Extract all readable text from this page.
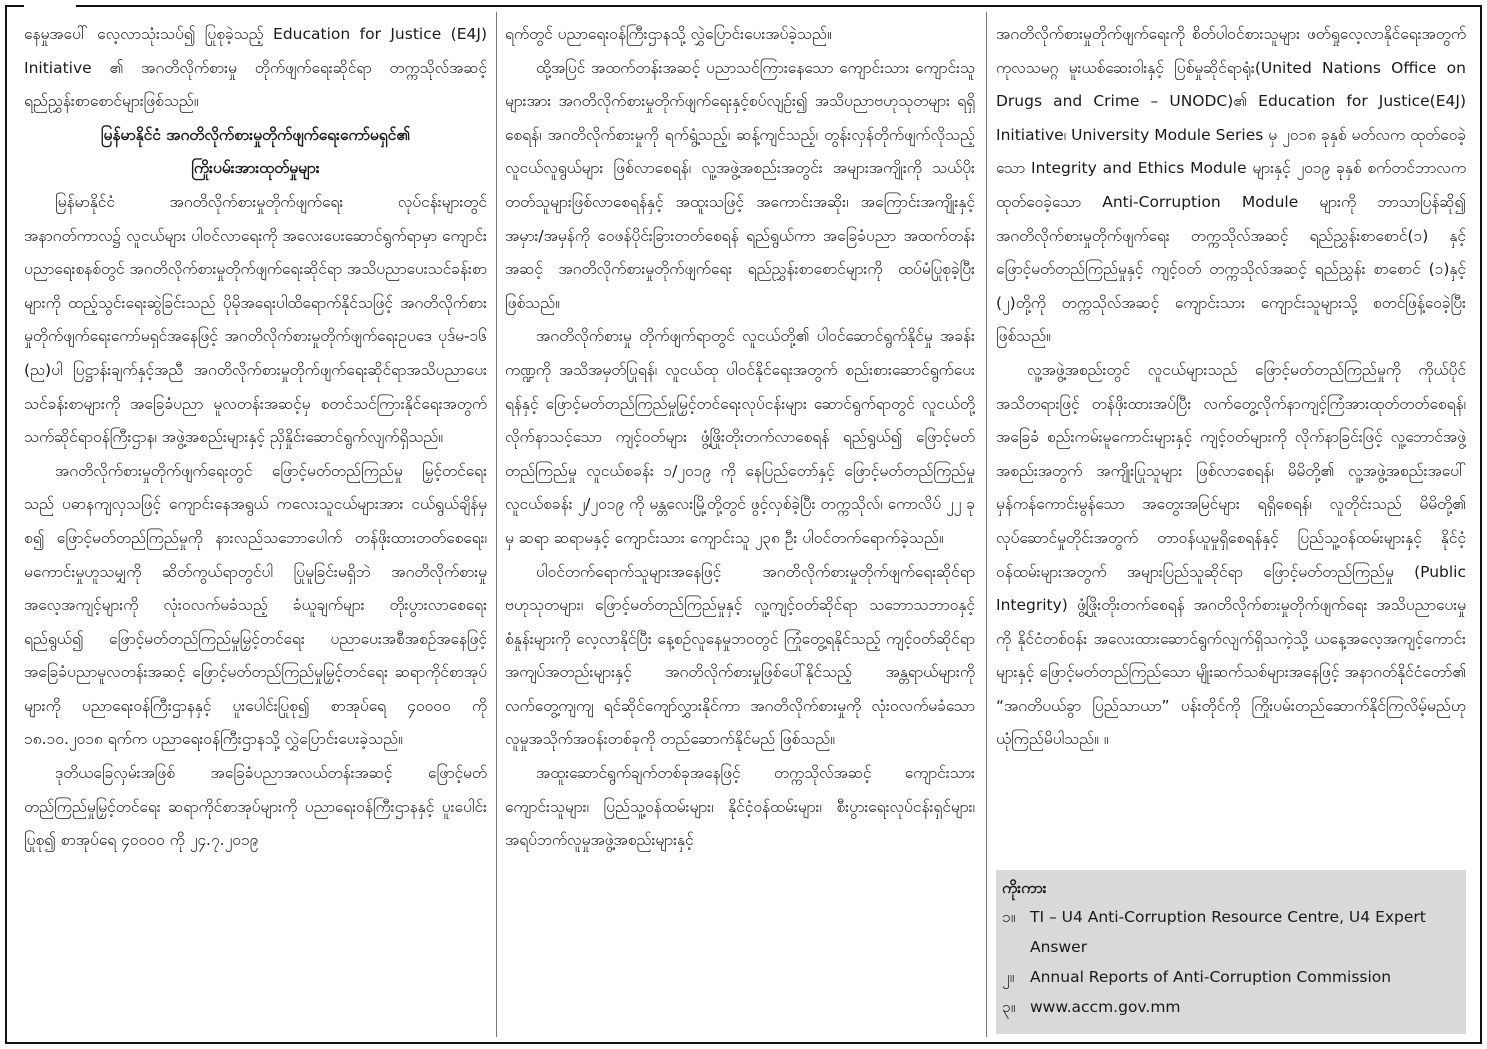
နေမှုအပေါ် လေ့လာသုံးသပ်၍ ပြုစုခဲ့သည့် Education for Justice (E4J) Initiative ၏ အဂတိလိုက်စားမှု တိုက်ဖျက်ရေးဆိုင်ရာ တက္ကသိုလ်အဆင့် ရည်ညွှန်းစာစောင်များဖြစ်သည်။

မြန်မာနိုင်ငံ အဂတိလိုက်စားမှုတိုက်ဖျက်ရေးကော်မရှင်၏
ကြိုးပမ်းအားထုတ်မှုများ

မြန်မာနိုင်ငံ အဂတိလိုက်စားမှုတိုက်ဖျက်ရေး လုပ်ငန်းများတွင် အနာဂတ်ကာလ၌ လူငယ်များ ပါဝင်လာရေးကို အလေးပေးဆောင်ရွက်ရာမှာ ကျောင်းပညာရေးစနစ်တွင် အဂတိလိုက်စားမှုတိုက်ဖျက်ရေးဆိုင်ရာ အသိပညာပေးသင်ခန်းစာများကို ထည့်သွင်းရေးဆွဲခြင်းသည် ပိုမိုအရေးပါထိရောက်နိုင်သဖြင့် အဂတိလိုက်စားမှုတိုက်ဖျက်ရေးကော်မရှင်အနေဖြင့် အဂတိလိုက်စားမှုတိုက်ဖျက်ရေးဥပဒေ ပုဒ်မ-၁၆ (ည)ပါ ပြဋ္ဌာန်းချက်နှင့်အညီ အဂတိလိုက်စားမှုတိုက်ဖျက်ရေးဆိုင်ရာအသိပညာပေး သင်ခန်းစာများကို အခြေခံပညာ မူလတန်းအဆင့်မှ စတင်သင်ကြားနိုင်ရေးအတွက် သက်ဆိုင်ရာဝန်ကြီးဌာန၊ အဖွဲ့အစည်းများနှင့် ညှိနှိုင်းဆောင်ရွက်လျက်ရှိသည်။

အဂတိလိုက်စားမှုတိုက်ဖျက်ရေးတွင် ဖြောင့်မတ်တည်ကြည်မှု မြှင့်တင်ရေးသည် ပဓာနကျလှသဖြင့် ကျောင်းနေအရွယ် ကလေးသူငယ်များအား ငယ်ရွယ်ချိန်မှစ၍ ဖြောင့်မတ်တည်ကြည်မှုကို နားလည်သဘောပေါက် တန်ဖိုးထားတတ်စေရေး၊ မကောင်းမှုဟူသမျှကို ဆိတ်ကွယ်ရာတွင်ပါ ပြုမူခြင်းမရှိဘဲ အဂတိလိုက်စားမှုအလေ့အကျင့်များကို လုံးဝလက်မခံသည့် ခံယူချက်များ တိုးပွားလာစေရေး ရည်ရွယ်၍ ဖြောင့်မတ်တည်ကြည်မှုမြှင့်တင်ရေး ပညာပေးအစီအစဉ်အနေဖြင့် အခြေခံပညာမူလတန်းအဆင့် ဖြောင့်မတ်တည်ကြည်မှုမြှင့်တင်ရေး ဆရာကိုင်စာအုပ်များကို ပညာရေးဝန်ကြီးဌာနနှင့် ပူးပေါင်းပြုစု၍ စာအုပ်ရေ ၄၀၀၀၀ ကို ၁၈.၁၀.၂၀၁၈ ရက်က ပညာရေးဝန်ကြီးဌာနသို့ လွှဲပြောင်းပေးခဲ့သည်။

ဒုတိယခြေလှမ်းအဖြစ် အခြေခံပညာအလယ်တန်းအဆင့် ဖြောင့်မတ်တည်ကြည်မှုမြှင့်တင်ရေး ဆရာကိုင်စာအုပ်များကို ပညာရေးဝန်ကြီးဌာနနှင့် ပူးပေါင်းပြုစု၍ စာအုပ်ရေ ၄၀၀၀၀ ကို ၂၄.၇.၂၀၁၉

ရက်တွင် ပညာရေးဝန်ကြီးဌာနသို့ လွှဲပြောင်းပေးအပ်ခဲ့သည်။

ထို့အပြင် အထက်တန်းအဆင့် ပညာသင်ကြားနေသော ကျောင်းသား ကျောင်းသူများအား အဂတိလိုက်စားမှုတိုက်ဖျက်ရေးနှင့်စပ်လျဉ်း၍ အသိပညာဗဟုသုတများ ရရှိစေရန်၊ အဂတိလိုက်စားမှုကို ရက်ရွံ့သည့်၊ ဆန့်ကျင်သည့်၊ တွန်းလှန်တိုက်ဖျက်လိုသည့် လူငယ်လူရွယ်များ ဖြစ်လာစေရန်၊ လူ့အဖွဲ့အစည်းအတွင်း အများအကျိုးကို သယ်ပိုးတတ်သူများဖြစ်လာစေရန်နှင့် အထူးသဖြင့် အကောင်းအဆိုး၊ အကြောင်းအကျိုးနှင့် အမှား/အမှန်ကို ဝေဖန်ပိုင်းခြားတတ်စေရန် ရည်ရွယ်ကာ အခြေခံပညာ အထက်တန်းအဆင့် အဂတိလိုက်စားမှုတိုက်ဖျက်ရေး ရည်ညွှန်းစာစောင်များကို ထပ်မံပြုစုခဲ့ပြီးဖြစ်သည်။

အဂတိလိုက်စားမှု တိုက်ဖျက်ရာတွင် လူငယ်တို့၏ ပါဝင်ဆောင်ရွက်နိုင်မှု အခန်းကဏ္ဍကို အသိအမှတ်ပြုရန်၊ လူငယ်ထု ပါဝင်နိုင်ရေးအတွက် စည်းစားဆောင်ရွက်ပေးရန်နှင့် ဖြောင့်မတ်တည်ကြည်မှုမြှင့်တင်ရေးလုပ်ငန်းများ ဆောင်ရွက်ရာတွင် လူငယ်တို့လိုက်နာသင့်သော ကျင့်ဝတ်များ ဖွံ့ဖြိုးတိုးတက်လာစေရန် ရည်ရွယ်၍ ဖြောင့်မတ်တည်ကြည်မှု လူငယ်စခန်း ၁/၂၀၁၉ ကို နေပြည်တော်နှင့် ဖြောင့်မတ်တည်ကြည်မှု လူငယ်စခန်း ၂/၂၀၁၉ ကို မန္တလေးမြို့တို့တွင် ဖွင့်လှစ်ခဲ့ပြီး တက္ကသိုလ်၊ ကောလိပ် ၂၂ ခုမှ ဆရာ ဆရာမနှင့် ကျောင်းသား ကျောင်းသူ ၂၃၈ ဦး ပါဝင်တက်ရောက်ခဲ့သည်။

ပါဝင်တက်ရောက်သူများအနေဖြင့် အဂတိလိုက်စားမှုတိုက်ဖျက်ရေးဆိုင်ရာ ဗဟုသုတများ၊ ဖြောင့်မတ်တည်ကြည်မှုနှင့် လူ့ကျင့်ဝတ်ဆိုင်ရာ သဘောသဘာဝနှင့် စံနှုန်းများကို လေ့လာနိုင်ပြီး နေ့စဉ်လူနေမှုဘဝတွင် ကြုံတွေ့ရနိုင်သည့် ကျင့်ဝတ်ဆိုင်ရာ အကျပ်အတည်းများနှင့် အဂတိလိုက်စားမှုဖြစ်ပေါ်နိုင်သည့် အန္တရာယ်များကို လက်တွေ့ကျကျ ရင်ဆိုင်ကျော်လွှားနိုင်ကာ အဂတိလိုက်စားမှုကို လုံးဝလက်မခံသော လူမှုအသိုက်အဝန်းတစ်ခုကို တည်ဆောက်နိုင်မည် ဖြစ်သည်။

အထူးဆောင်ရွက်ချက်တစ်ခုအနေဖြင့် တက္ကသိုလ်အဆင့် ကျောင်းသား ကျောင်းသူများ၊ ပြည်သူ့ဝန်ထမ်းများ၊ နိုင်ငံ့ဝန်ထမ်းများ၊ စီးပွားရေးလုပ်ငန်းရှင်များ၊ အရပ်ဘက်လူမှုအဖွဲ့အစည်းများနှင့်

အဂတိလိုက်စားမှုတိုက်ဖျက်ရေးကို စိတ်ပါဝင်စားသူများ ဖတ်ရှုလေ့လာနိုင်ရေးအတွက် ကုလသမဂ္ဂ မူးယစ်ဆေးဝါးနှင့် ပြစ်မှုဆိုင်ရာရုံး(United Nations Office on Drugs and Crime – UNODC)၏ Education for Justice(E4J) Initiative၊ University Module Series မှ ၂၀၁၈ ခုနှစ် မတ်လက ထုတ်ဝေခဲ့သော Integrity and Ethics Module များနှင့် ၂၀၁၉ ခုနှစ် စက်တင်ဘာလက ထုတ်ဝေခဲ့သော Anti-Corruption Module များကို ဘာသာပြန်ဆို၍ အဂတိလိုက်စားမှုတိုက်ဖျက်ရေး တက္ကသိုလ်အဆင့် ရည်ညွှန်းစာစောင်(၁) နှင့် ဖြောင့်မတ်တည်ကြည်မှုနှင့် ကျင့်ဝတ် တက္ကသိုလ်အဆင့် ရည်ညွှန်း စာစောင် (၁)နှင့် (၂)တို့ကို တက္ကသိုလ်အဆင့် ကျောင်းသား ကျောင်းသူများသို့ စတင်ဖြန့်ဝေခဲ့ပြီးဖြစ်သည်။

လူ့အဖွဲ့အစည်းတွင် လူငယ်များသည် ဖြောင့်မတ်တည်ကြည်မှုကို ကိုယ်ပိုင်အသိတရားဖြင့် တန်ဖိုးထားအပ်ပြီး လက်တွေ့လိုက်နာကျင့်ကြံအားထုတ်တတ်စေရန်၊ အခြေခံ စည်းကမ်းမူကောင်းများနှင့် ကျင့်ဝတ်များကို လိုက်နာခြင်းဖြင့် လူ့ဘောင်အဖွဲ့အစည်းအတွက် အကျိုးပြုသူများ ဖြစ်လာစေရန်၊ မိမိတို့၏ လူ့အဖွဲ့အစည်းအပေါ် မှန်ကန်ကောင်းမွန်သော အတွေးအမြင်များ ရရှိစေရန်၊ လူတိုင်းသည် မိမိတို့၏ လုပ်ဆောင်မှုတိုင်းအတွက် တာဝန်ယူမှုရှိစေရန်နှင့် ပြည်သူ့ဝန်ထမ်းများနှင့် နိုင်ငံ့ဝန်ထမ်းများအတွက် အများပြည်သူဆိုင်ရာ ဖြောင့်မတ်တည်ကြည်မှု (Public Integrity) ဖွံ့ဖြိုးတိုးတက်စေရန် အဂတိလိုက်စားမှုတိုက်ဖျက်ရေး အသိပညာပေးမှုကို နိုင်ငံတစ်ဝန်း အလေးထားဆောင်ရွက်လျက်ရှိသကဲ့သို့ ယနေ့အလေ့အကျင့်ကောင်းများနှင့် ဖြောင့်မတ်တည်ကြည်သော မျိုးဆက်သစ်များအနေဖြင့် အနာဂတ်နိုင်ငံတော်၏ “အဂတိပယ်ခွာ ပြည်သာယာ” ပန်းတိုင်ကို ကြိုးပမ်းတည်ဆောက်နိုင်ကြလိမ့်မည်ဟု ယုံကြည်မိပါသည်။ ။

ကိုးကား
၁။ TI – U4 Anti-Corruption Resource Centre, U4 Expert Answer
၂။	Annual Reports of Anti-Corruption Commission
၃။ www.accm.gov.mm
